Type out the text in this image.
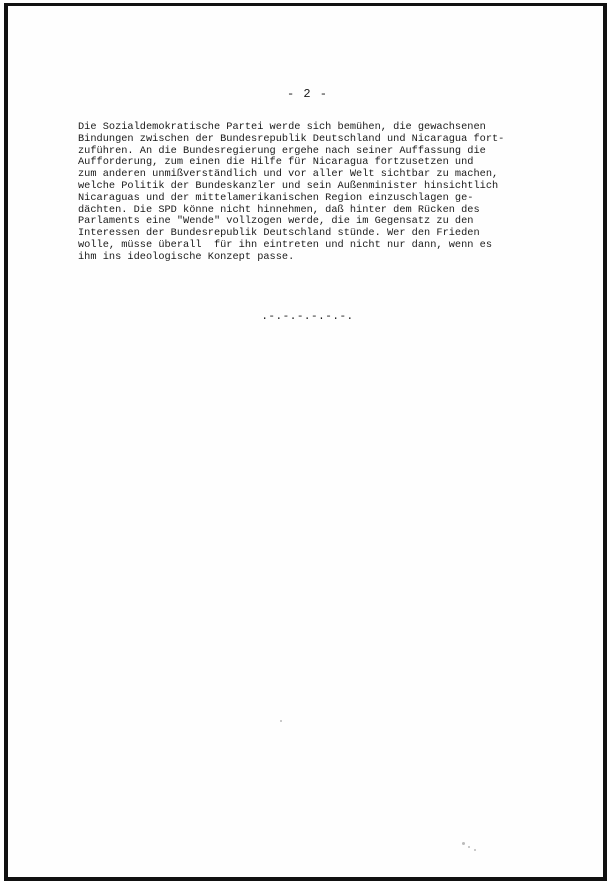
- 2 -

Die Sozialdemokratische Partei werde sich bemühen, die gewachsenen
Bindungen zwischen der Bundesrepublik Deutschland und Nicaragua fort-
zuführen. An die Bundesregierung ergehe nach seiner Auffassung die
Aufforderung, zum einen die Hilfe für Nicaragua fortzusetzen und
zum anderen unmißverständlich und vor aller Welt sichtbar zu machen,
welche Politik der Bundeskanzler und sein Außenminister hinsichtlich
Nicaraguas und der mittelamerikanischen Region einzuschlagen ge-
dächten. Die SPD könne nicht hinnehmen, daß hinter dem Rücken des
Parlaments eine "Wende" vollzogen werde, die im Gegensatz zu den
Interessen der Bundesrepublik Deutschland stünde. Wer den Frieden
wolle, müsse überall  für ihn eintreten und nicht nur dann, wenn es
ihm ins ideologische Konzept passe.

.-.-.-.-.-.-.
